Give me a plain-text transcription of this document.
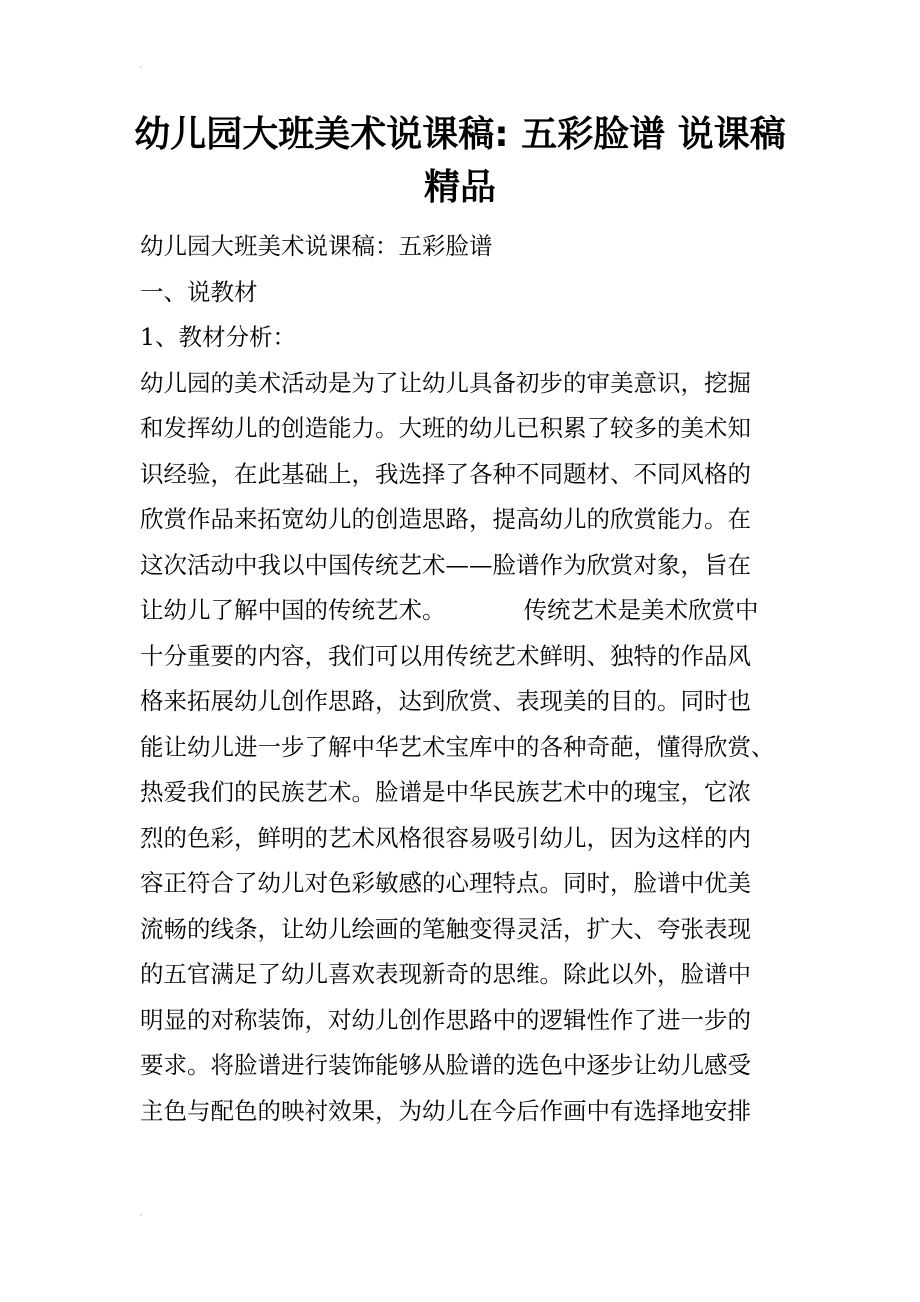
幼儿园大班美术说课稿: 五彩脸谱 说课稿精品
幼儿园大班美术说课稿：五彩脸谱
一、说教材
1、教材分析：
幼儿园的美术活动是为了让幼儿具备初步的审美意识，挖掘
和发挥幼儿的创造能力。大班的幼儿已积累了较多的美术知
识经验，在此基础上，我选择了各种不同题材、不同风格的
欣赏作品来拓宽幼儿的创造思路，提高幼儿的欣赏能力。在
这次活动中我以中国传统艺术——脸谱作为欣赏对象，旨在
让幼儿了解中国的传统艺术。	传统艺术是美术欣赏中
十分重要的内容，我们可以用传统艺术鲜明、独特的作品风
格来拓展幼儿创作思路，达到欣赏、表现美的目的。同时也
能让幼儿进一步了解中华艺术宝库中的各种奇葩，懂得欣赏、
热爱我们的民族艺术。脸谱是中华民族艺术中的瑰宝，它浓
烈的色彩，鲜明的艺术风格很容易吸引幼儿，因为这样的内
容正符合了幼儿对色彩敏感的心理特点。同时，脸谱中优美
流畅的线条，让幼儿绘画的笔触变得灵活，扩大、夸张表现
的五官满足了幼儿喜欢表现新奇的思维。除此以外，脸谱中
明显的对称装饰，对幼儿创作思路中的逻辑性作了进一步的
要求。将脸谱进行装饰能够从脸谱的选色中逐步让幼儿感受
主色与配色的映衬效果，为幼儿在今后作画中有选择地安排
